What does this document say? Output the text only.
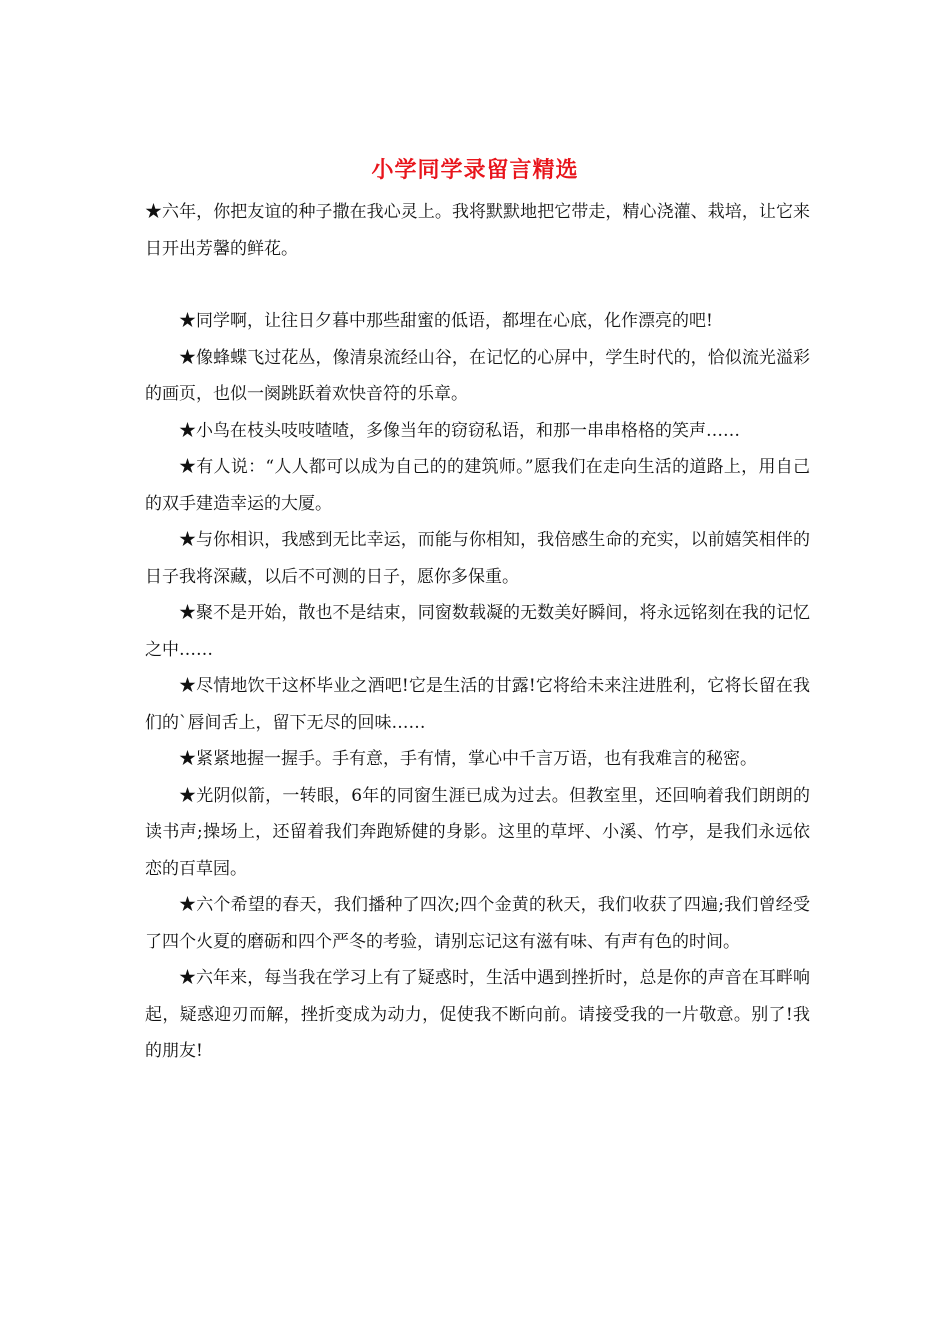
小学同学录留言精选

★六年，你把友谊的种子撒在我心灵上。我将默默地把它带走，精心浇灌、栽培，让它来日开出芳馨的鲜花。

★同学啊，让往日夕暮中那些甜蜜的低语，都埋在心底，化作漂亮的吧!

★像蜂蝶飞过花丛，像清泉流经山谷，在记忆的心屏中，学生时代的，恰似流光溢彩的画页，也似一阕跳跃着欢快音符的乐章。

★小鸟在枝头吱吱喳喳，多像当年的窃窃私语，和那一串串格格的笑声……

★有人说：“人人都可以成为自己的的建筑师。”愿我们在走向生活的道路上，用自己的双手建造幸运的大厦。

★与你相识，我感到无比幸运，而能与你相知，我倍感生命的充实，以前嬉笑相伴的日子我将深藏，以后不可测的日子，愿你多保重。

★聚不是开始，散也不是结束，同窗数载凝的无数美好瞬间，将永远铭刻在我的记忆之中……

★尽情地饮干这杯毕业之酒吧!它是生活的甘露!它将给未来注进胜利，它将长留在我们的`唇间舌上，留下无尽的回味……

★紧紧地握一握手。手有意，手有情，掌心中千言万语，也有我难言的秘密。

★光阴似箭，一转眼，6年的同窗生涯已成为过去。但教室里，还回响着我们朗朗的读书声;操场上，还留着我们奔跑矫健的身影。这里的草坪、小溪、竹亭，是我们永远依恋的百草园。

★六个希望的春天，我们播种了四次;四个金黄的秋天，我们收获了四遍;我们曾经受了四个火夏的磨砺和四个严冬的考验，请别忘记这有滋有味、有声有色的时间。

★六年来，每当我在学习上有了疑惑时，生活中遇到挫折时，总是你的声音在耳畔响起，疑惑迎刃而解，挫折变成为动力，促使我不断向前。请接受我的一片敬意。别了!我的朋友!
